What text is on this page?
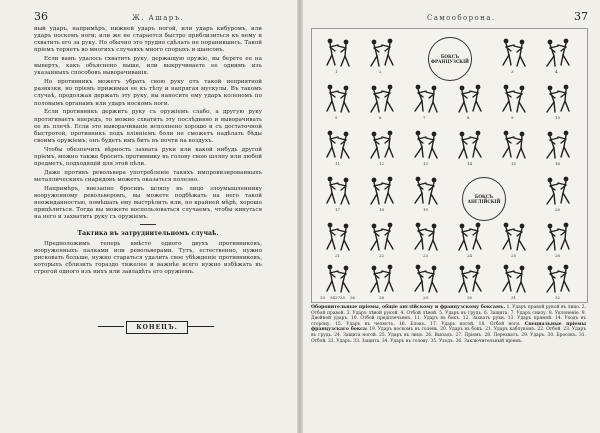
36	Ж. Ашаръ.

ный ударъ, напримѣръ, нижней ударъ ногой, или ударъ кибуромъ, или ударъ носкомъ ноги; или же не старается быстро приблизиться къ нему и схватить его за руку. Но обычно это трудно сдѣлать не поранившись. Такой пріемъ теряетъ во многихъ случаяхъ много спорыхъ и шансовъ.

Если вамъ удалось схватить руку, держащую оружіе, вы беретe ее на вывертъ, какъ объяснено выше, или выкручиваете ее однимъ изъ указанныхъ способовъ выворачиванія.

Но противникъ можетъ убрать свою руку отъ такой неприятной развязки, но пріемъ прижимая ее къ тѣлу и напрягая мускулы. Въ такомъ случаѣ, продолжая держать эту руку, вы наносите ему ударъ коленомъ по половымъ органамъ или ударъ носкомъ ноги.

Если противникъ держитъ руку съ оружіемъ слабо, а другую руку протягиваетъ впередъ, то можно схватить эту послѣднюю и выворачивать ее въ плечѣ. Если это выворачиваніе исполнено хорошо и съ достаточной быстротой, противникъ подъ вліяніемъ боли не сможетъ надѣлать бѣды своимъ оружіемъ; онъ будетъ имъ бить въ почти на воздухъ.

Чтобы обезпечить вѣрность захвата руки или какой нибудь другой пріемъ, можно также бросить противнику въ голову свою шляпу или любой предметъ, подходящій для этой цѣли.

Даже противъ револьвера употребленіе такихъ импровизированныхъ металлическихъ снарядовъ можетъ оказаться полезно.

Напримѣръ, внезапно бросивъ шляпу въ лицо злоумышленнику вооруженному револьверомъ, вы можете подбѣжать на него такой неожиданностью, помѣшать ему выстрѣлить или, по крайней мѣрѣ, хорошо прицѣлиться. Тогда вы можете воспользоваться случаемъ, чтобы кинуться на него и захватить руку съ оружіемъ.

Тактика въ затруднительномъ случаѣ.

Предположимъ теперь вмѣсто одного двухъ противниковъ, вооруженныхъ палками или револьверами. Тутъ, естественно, нужно рисковать больше, нужно стараться удалить свое убѣжденіе противниковъ, которыхъ сблизить гораздо тяжелее и важнѣе всего нужно избѣжать въ строгой одного изъ нихъ или завладѣть его оружіемъ.

КОНЕЦЪ.
Самооборона.	37
БОКСЪ ФРАНЦУЗСКІЙ
БОКСЪ АНГЛІЙСКІЙ
1	2	3	4
5	6	7	8	9	10
11	12	13	14	15	16
17	18	19	20
21	22	23	24	25	26
27	28	29	30	31	32
33 34 35 36
Оборонительные пріемы, общіе англійскому и французскому боксамъ. 1. Ударъ правой рукой въ лицо. 2. Отбой правой. 3. Ударъ лѣвой рукой. 4. Отбой лѣвой. 5. Ударъ въ грудь. 6. Защита. 7. Ударъ снизу. 8. Уклоненіе. 9. Двойной ударъ. 10. Отбой предплечьемъ. 11. Ударъ въ бокъ. 12. Захватъ руки. 13. Ударъ прямой. 14. Уходъ въ сторону. 15. Ударъ въ челюсть. 16. Блокъ. 17. Ударъ ногой. 18. Отбой ноги. Специальные пріемы французскаго бокса: 19. Ударъ носкомъ въ голень. 20. Ударъ въ бокъ. 21. Ударъ каблукомъ. 22. Отбой. 23. Ударъ въ грудь. 24. Защита ногой. 25. Ударъ въ лицо. 26. Выпадъ. 27. Пріемъ. 28. Перехватъ. 29. Ударъ. 30. Бросокъ. 31. Отбой. 32. Ударъ. 33. Защита. 34. Ударъ въ голову. 35. Уходъ. 36. Заключительный пріемъ.
